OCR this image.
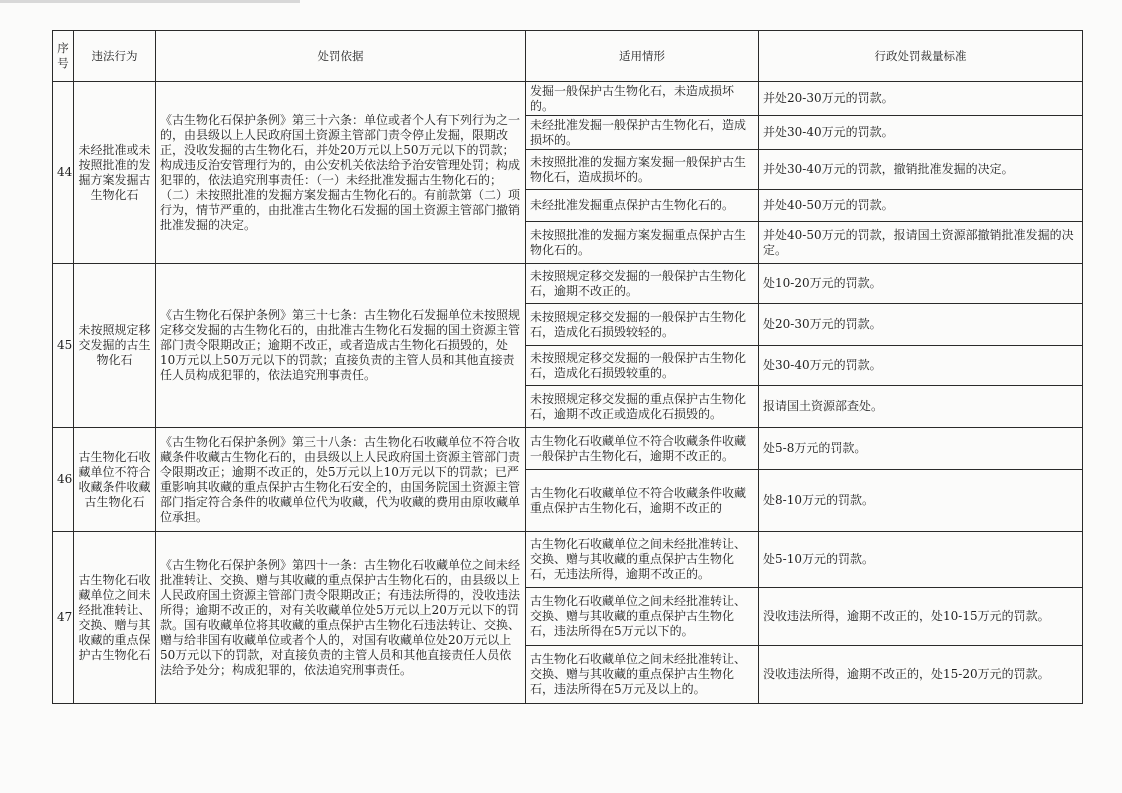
序号	违法行为	处罚依据	适用情形	行政处罚裁量标准
44	未经批准或未按照批准的发掘方案发掘古生物化石	《古生物化石保护条例》第三十六条：单位或者个人有下列行为之一的，由县级以上人民政府国土资源主管部门责令停止发掘，限期改正，没收发掘的古生物化石，并处20万元以上50万元以下的罚款；构成违反治安管理行为的，由公安机关依法给予治安管理处罚；构成犯罪的，依法追究刑事责任：（一）未经批准发掘古生物化石的；（二）未按照批准的发掘方案发掘古生物化石的。有前款第（二）项行为，情节严重的，由批准古生物化石发掘的国土资源主管部门撤销批准发掘的决定。	发掘一般保护古生物化石，未造成损坏的。	并处20-30万元的罚款。
			未经批准发掘一般保护古生物化石，造成损坏的。	并处30-40万元的罚款。
			未按照批准的发掘方案发掘一般保护古生物化石，造成损坏的。	并处30-40万元的罚款，撤销批准发掘的决定。
			未经批准发掘重点保护古生物化石的。	并处40-50万元的罚款。
			未按照批准的发掘方案发掘重点保护古生物化石的。	并处40-50万元的罚款，报请国土资源部撤销批准发掘的决定。
45	未按照规定移交发掘的古生物化石	《古生物化石保护条例》第三十七条：古生物化石发掘单位未按照规定移交发掘的古生物化石的，由批准古生物化石发掘的国土资源主管部门责令限期改正；逾期不改正，或者造成古生物化石损毁的，处10万元以上50万元以下的罚款；直接负责的主管人员和其他直接责任人员构成犯罪的，依法追究刑事责任。	未按照规定移交发掘的一般保护古生物化石，逾期不改正的。	处10-20万元的罚款。
			未按照规定移交发掘的一般保护古生物化石，造成化石损毁较轻的。	处20-30万元的罚款。
			未按照规定移交发掘的一般保护古生物化石，造成化石损毁较重的。	处30-40万元的罚款。
			未按照规定移交发掘的重点保护古生物化石，逾期不改正或造成化石损毁的。	报请国土资源部查处。
46	古生物化石收藏单位不符合收藏条件收藏古生物化石	《古生物化石保护条例》第三十八条：古生物化石收藏单位不符合收藏条件收藏古生物化石的，由县级以上人民政府国土资源主管部门责令限期改正；逾期不改正的，处5万元以上10万元以下的罚款；已严重影响其收藏的重点保护古生物化石安全的，由国务院国土资源主管部门指定符合条件的收藏单位代为收藏，代为收藏的费用由原收藏单位承担。	古生物化石收藏单位不符合收藏条件收藏一般保护古生物化石，逾期不改正的。	处5-8万元的罚款。
			古生物化石收藏单位不符合收藏条件收藏重点保护古生物化石，逾期不改正的	处8-10万元的罚款。
47	古生物化石收藏单位之间未经批准转让、交换、赠与其收藏的重点保护古生物化石	《古生物化石保护条例》第四十一条：古生物化石收藏单位之间未经批准转让、交换、赠与其收藏的重点保护古生物化石的，由县级以上人民政府国土资源主管部门责令限期改正；有违法所得的，没收违法所得；逾期不改正的，对有关收藏单位处5万元以上20万元以下的罚款。国有收藏单位将其收藏的重点保护古生物化石违法转让、交换、赠与给非国有收藏单位或者个人的，对国有收藏单位处20万元以上50万元以下的罚款，对直接负责的主管人员和其他直接责任人员依法给予处分；构成犯罪的，依法追究刑事责任。	古生物化石收藏单位之间未经批准转让、交换、赠与其收藏的重点保护古生物化石，无违法所得，逾期不改正的。	处5-10万元的罚款。
			古生物化石收藏单位之间未经批准转让、交换、赠与其收藏的重点保护古生物化石，违法所得在5万元以下的。	没收违法所得，逾期不改正的，处10-15万元的罚款。
			古生物化石收藏单位之间未经批准转让、交换、赠与其收藏的重点保护古生物化石，违法所得在5万元及以上的。	没收违法所得，逾期不改正的，处15-20万元的罚款。
